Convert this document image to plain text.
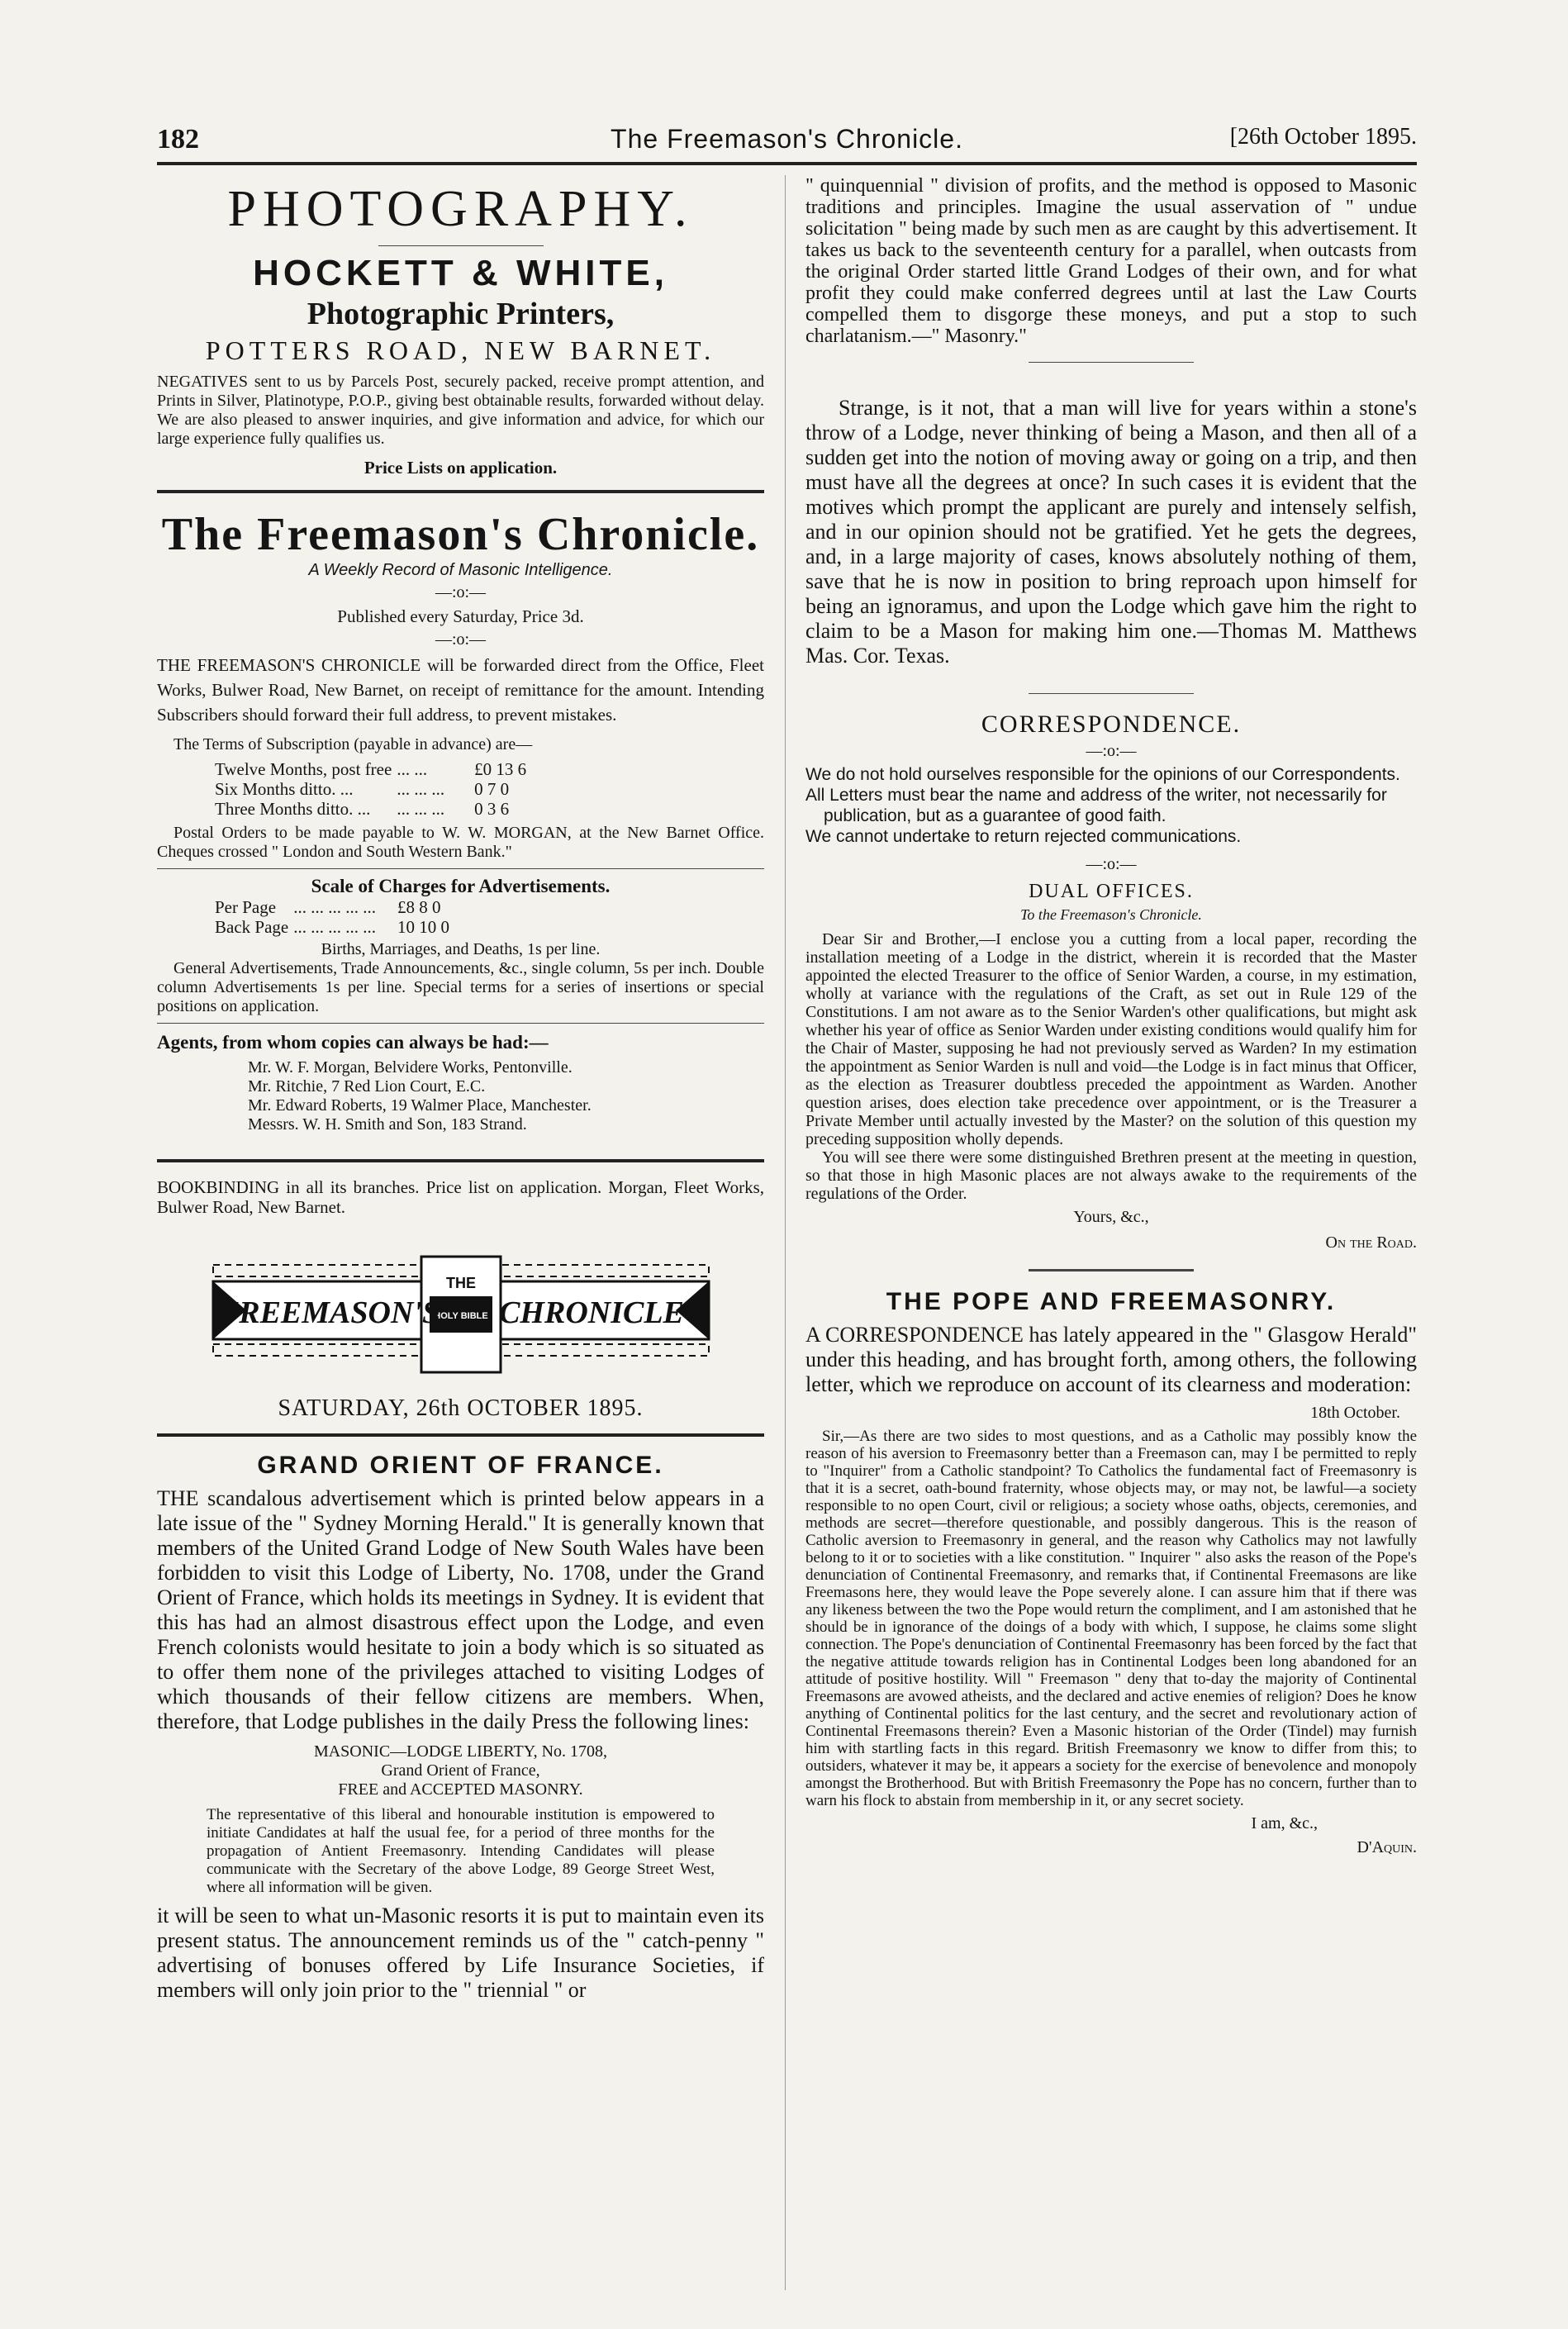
182	The Freemason's Chronicle.	[26th October 1895.

PHOTOGRAPHY.

HOCKETT & WHITE,

Photographic Printers,

POTTERS ROAD, NEW BARNET.

NEGATIVES sent to us by Parcels Post, securely packed, receive prompt attention, and Prints in Silver, Platinotype, P.O.P., giving best obtainable results, forwarded without delay. We are also pleased to answer inquiries, and give information and advice, for which our large experience fully qualifies us.

Price Lists on application.

The Freemason's Chronicle.

A Weekly Record of Masonic Intelligence.

—:o:—

Published every Saturday, Price 3d.

—:o:—

THE FREEMASON'S CHRONICLE will be forwarded direct from the Office, Fleet Works, Bulwer Road, New Barnet, on receipt of remittance for the amount. Intending Subscribers should forward their full address, to prevent mistakes.

The Terms of Subscription (payable in advance) are—

Twelve Months, post free	... ...	£0 13 6
Six Months ditto. ...	... ... ...	0 7 0
Three Months ditto. ...	... ... ...	0 3 6

Postal Orders to be made payable to W. W. MORGAN, at the New Barnet Office. Cheques crossed " London and South Western Bank."

Scale of Charges for Advertisements.

Per Page	... ... ... ... ...	£8 8 0
Back Page	... ... ... ... ...	10 10 0

Births, Marriages, and Deaths, 1s per line.

General Advertisements, Trade Announcements, &c., single column, 5s per inch. Double column Advertisements 1s per line. Special terms for a series of insertions or special positions on application.

Agents, from whom copies can always be had:—

Mr. W. F. Morgan, Belvidere Works, Pentonville.

Mr. Ritchie, 7 Red Lion Court, E.C.

Mr. Edward Roberts, 19 Walmer Place, Manchester.

Messrs. W. H. Smith and Son, 183 Strand.

BOOKBINDING in all its branches. Price list on application. Morgan, Fleet Works, Bulwer Road, New Barnet.

THE
HOLY BIBLE
FREEMASON'S CHRONICLE

SATURDAY, 26th OCTOBER 1895.

GRAND ORIENT OF FRANCE.

THE scandalous advertisement which is printed below appears in a late issue of the " Sydney Morning Herald." It is generally known that members of the United Grand Lodge of New South Wales have been forbidden to visit this Lodge of Liberty, No. 1708, under the Grand Orient of France, which holds its meetings in Sydney. It is evident that this has had an almost disastrous effect upon the Lodge, and even French colonists would hesitate to join a body which is so situated as to offer them none of the privileges attached to visiting Lodges of which thousands of their fellow citizens are members. When, therefore, that Lodge publishes in the daily Press the following lines:

MASONIC—LODGE LIBERTY, No. 1708,

Grand Orient of France,

FREE and ACCEPTED MASONRY.

The representative of this liberal and honourable institution is empowered to initiate Candidates at half the usual fee, for a period of three months for the propagation of Antient Freemasonry. Intending Candidates will please communicate with the Secretary of the above Lodge, 89 George Street West, where all information will be given.

it will be seen to what un-Masonic resorts it is put to maintain even its present status. The announcement reminds us of the " catch-penny " advertising of bonuses offered by Life Insurance Societies, if members will only join prior to the " triennial " or

" quinquennial " division of profits, and the method is opposed to Masonic traditions and principles. Imagine the usual asservation of " undue solicitation " being made by such men as are caught by this advertisement. It takes us back to the seventeenth century for a parallel, when outcasts from the original Order started little Grand Lodges of their own, and for what profit they could make conferred degrees until at last the Law Courts compelled them to disgorge these moneys, and put a stop to such charlatanism.—" Masonry."

Strange, is it not, that a man will live for years within a stone's throw of a Lodge, never thinking of being a Mason, and then all of a sudden get into the notion of moving away or going on a trip, and then must have all the degrees at once? In such cases it is evident that the motives which prompt the applicant are purely and intensely selfish, and in our opinion should not be gratified. Yet he gets the degrees, and, in a large majority of cases, knows absolutely nothing of them, save that he is now in position to bring reproach upon himself for being an ignoramus, and upon the Lodge which gave him the right to claim to be a Mason for making him one.—Thomas M. Matthews Mas. Cor. Texas.

CORRESPONDENCE.

—:o:—

We do not hold ourselves responsible for the opinions of our Correspondents.

All Letters must bear the name and address of the writer, not necessarily for publication, but as a guarantee of good faith.

We cannot undertake to return rejected communications.

—:o:—

DUAL OFFICES.

To the Freemason's Chronicle.

Dear Sir and Brother,—I enclose you a cutting from a local paper, recording the installation meeting of a Lodge in the district, wherein it is recorded that the Master appointed the elected Treasurer to the office of Senior Warden, a course, in my estimation, wholly at variance with the regulations of the Craft, as set out in Rule 129 of the Constitutions. I am not aware as to the Senior Warden's other qualifications, but might ask whether his year of office as Senior Warden under existing conditions would qualify him for the Chair of Master, supposing he had not previously served as Warden? In my estimation the appointment as Senior Warden is null and void—the Lodge is in fact minus that Officer, as the election as Treasurer doubtless preceded the appointment as Warden. Another question arises, does election take precedence over appointment, or is the Treasurer a Private Member until actually invested by the Master? on the solution of this question my preceding supposition wholly depends.

You will see there were some distinguished Brethren present at the meeting in question, so that those in high Masonic places are not always awake to the requirements of the regulations of the Order.

Yours, &c.,

On the Road.

THE POPE AND FREEMASONRY.

A CORRESPONDENCE has lately appeared in the " Glasgow Herald" under this heading, and has brought forth, among others, the following letter, which we reproduce on account of its clearness and moderation:

18th October.

Sir,—As there are two sides to most questions, and as a Catholic may possibly know the reason of his aversion to Freemasonry better than a Freemason can, may I be permitted to reply to "Inquirer" from a Catholic standpoint? To Catholics the fundamental fact of Freemasonry is that it is a secret, oath-bound fraternity, whose objects may, or may not, be lawful—a society responsible to no open Court, civil or religious; a society whose oaths, objects, ceremonies, and methods are secret—therefore questionable, and possibly dangerous. This is the reason of Catholic aversion to Freemasonry in general, and the reason why Catholics may not lawfully belong to it or to societies with a like constitution. " Inquirer " also asks the reason of the Pope's denunciation of Continental Freemasonry, and remarks that, if Continental Freemasons are like Freemasons here, they would leave the Pope severely alone. I can assure him that if there was any likeness between the two the Pope would return the compliment, and I am astonished that he should be in ignorance of the doings of a body with which, I suppose, he claims some slight connection. The Pope's denunciation of Continental Freemasonry has been forced by the fact that the negative attitude towards religion has in Continental Lodges been long abandoned for an attitude of positive hostility. Will " Freemason " deny that to-day the majority of Continental Freemasons are avowed atheists, and the declared and active enemies of religion? Does he know anything of Continental politics for the last century, and the secret and revolutionary action of Continental Freemasons therein? Even a Masonic historian of the Order (Tindel) may furnish him with startling facts in this regard. British Freemasonry we know to differ from this; to outsiders, whatever it may be, it appears a society for the exercise of benevolence and monopoly amongst the Brotherhood. But with British Freemasonry the Pope has no concern, further than to warn his flock to abstain from membership in it, or any secret society.

I am, &c.,

D'Aquin.
